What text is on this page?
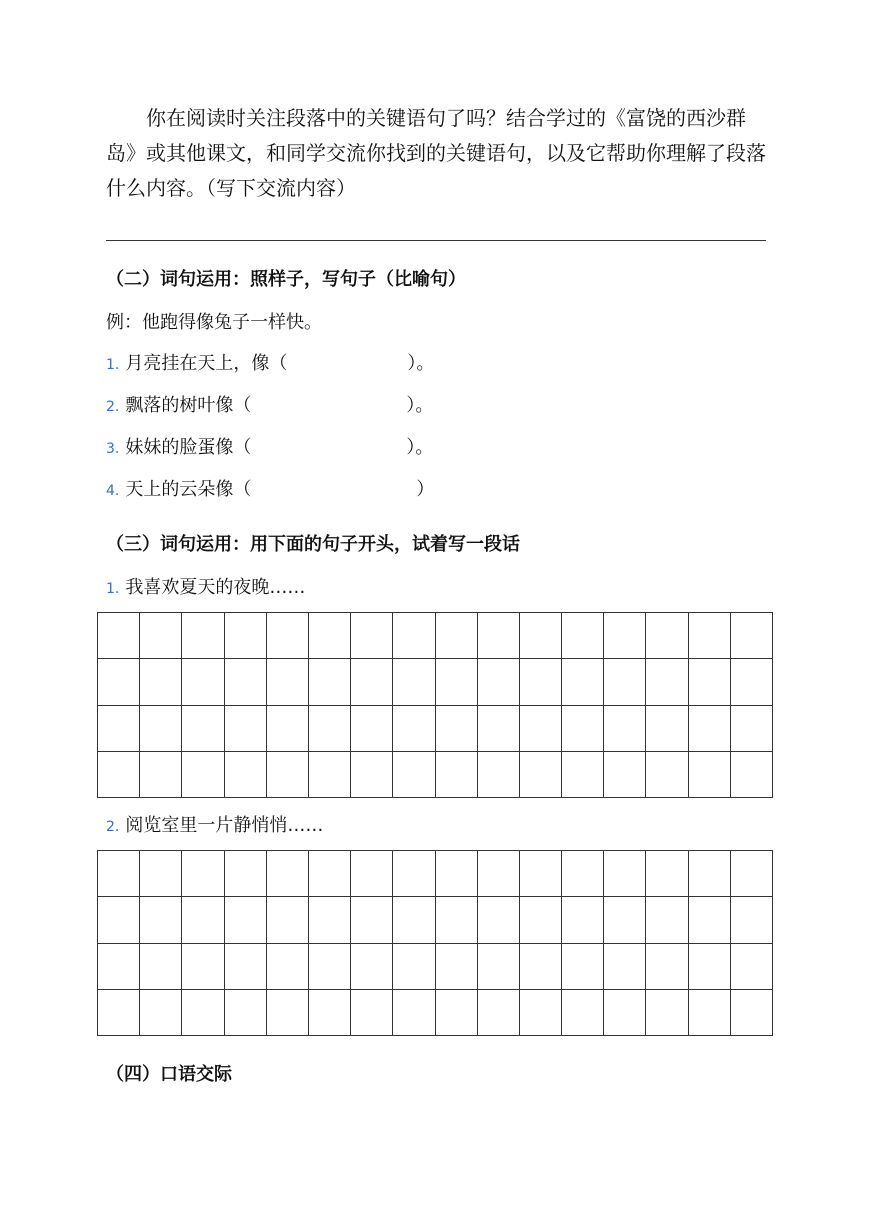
你在阅读时关注段落中的关键语句了吗？结合学过的《富饶的西沙群岛》或其他课文，和同学交流你找到的关键语句，以及它帮助你理解了段落什么内容。（写下交流内容）

（二）词句运用：照样子，写句子（比喻句）
例：他跑得像兔子一样快。
1. 月亮挂在天上，像（	）。
2. 飘落的树叶像（	）。
3. 妹妹的脸蛋像（	）。
4. 天上的云朵像（	）
（三）词句运用：用下面的句子开头，试着写一段话
1. 我喜欢夏天的夜晚……
2. 阅览室里一片静悄悄……
（四）口语交际
